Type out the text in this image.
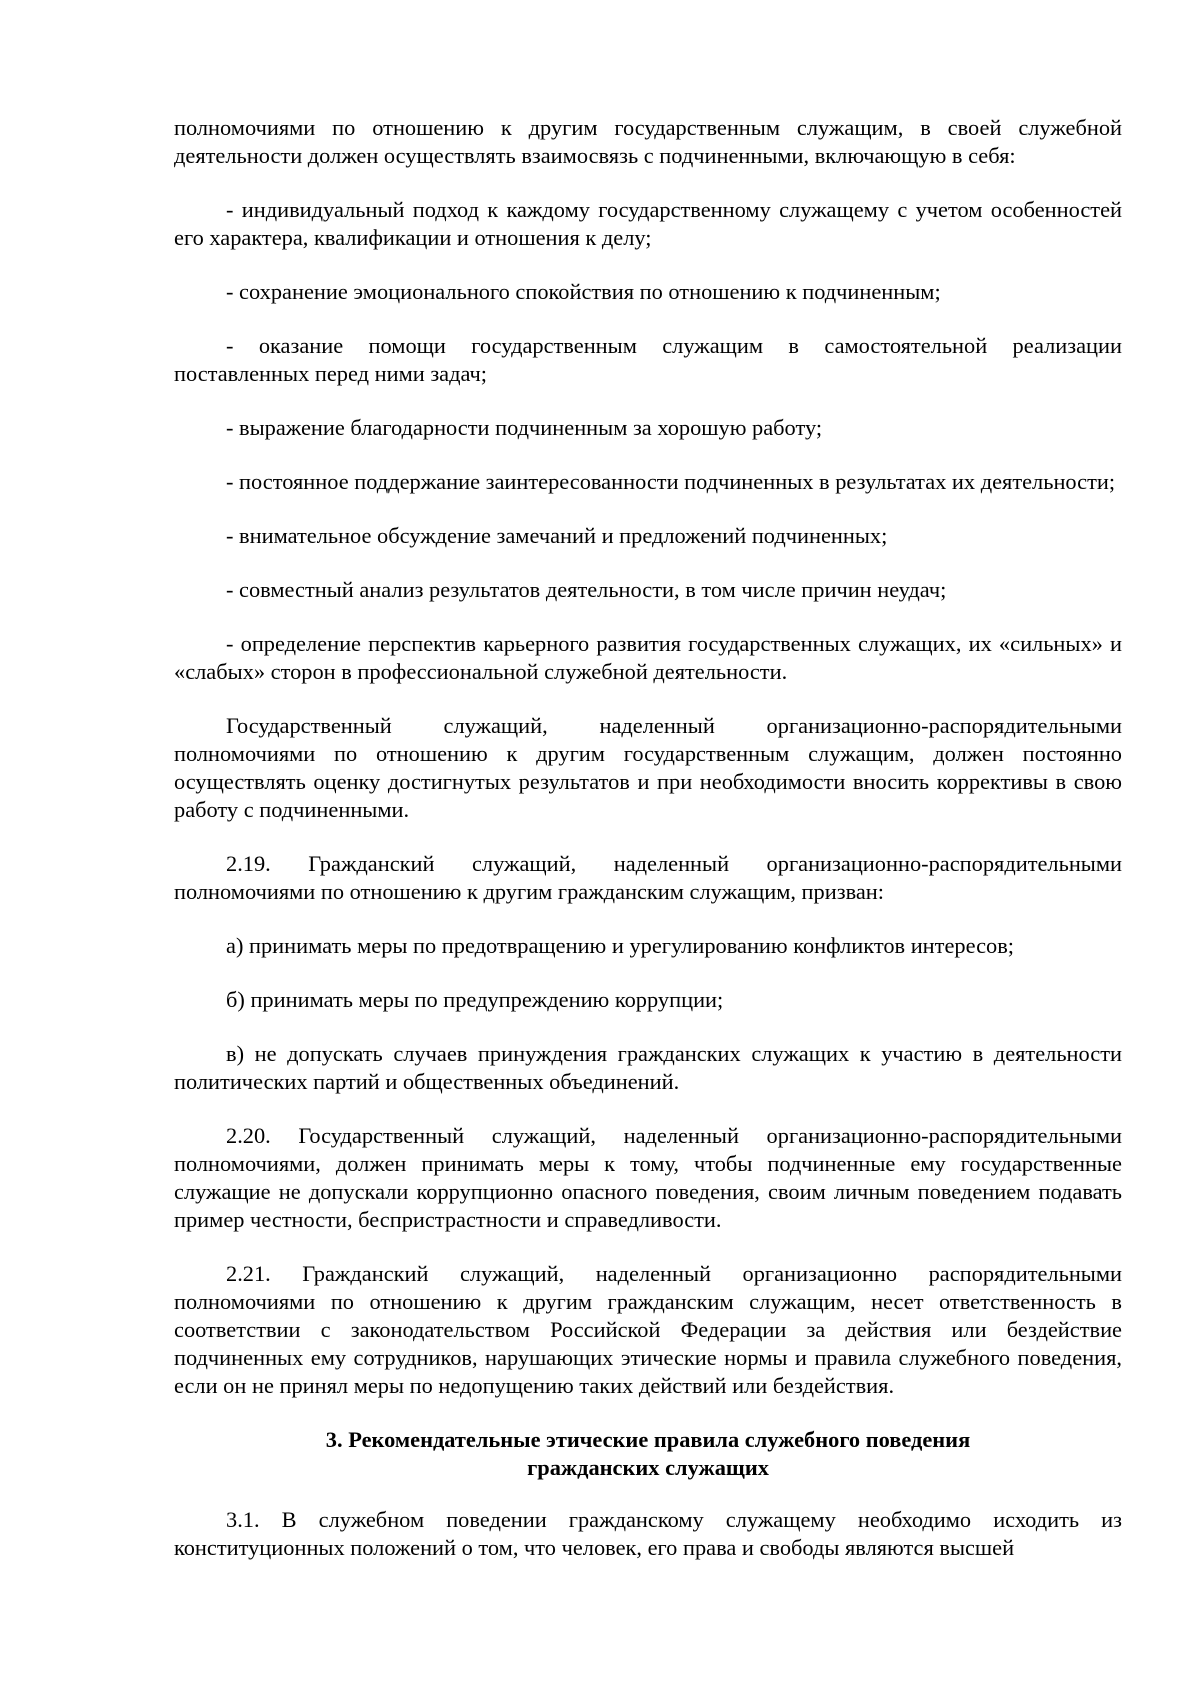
полномочиями по отношению к другим государственным служащим, в своей служебной деятельности должен осуществлять взаимосвязь с подчиненными, включающую в себя:

- индивидуальный подход к каждому государственному служащему с учетом особенностей его характера, квалификации и отношения к делу;

- сохранение эмоционального спокойствия по отношению к подчиненным;

- оказание помощи государственным служащим в самостоятельной реализации поставленных перед ними задач;

- выражение благодарности подчиненным за хорошую работу;

- постоянное поддержание заинтересованности подчиненных в результатах их деятельности;

- внимательное обсуждение замечаний и предложений подчиненных;

- совместный анализ результатов деятельности, в том числе причин неудач;

- определение перспектив карьерного развития государственных служащих, их «сильных» и «слабых» сторон в профессиональной служебной деятельности.

Государственный служащий, наделенный организационно-распорядительными полномочиями по отношению к другим государственным служащим, должен постоянно осуществлять оценку достигнутых результатов и при необходимости вносить коррективы в свою работу с подчиненными.

2.19. Гражданский служащий, наделенный организационно-распорядительными полномочиями по отношению к другим гражданским служащим, призван:

а) принимать меры по предотвращению и урегулированию конфликтов интересов;

б) принимать меры по предупреждению коррупции;

в) не допускать случаев принуждения гражданских служащих к участию в деятельности политических партий и общественных объединений.

2.20. Государственный служащий, наделенный организационно-распорядительными полномочиями, должен принимать меры к тому, чтобы подчиненные ему государственные служащие не допускали коррупционно опасного поведения, своим личным поведением подавать пример честности, беспристрастности и справедливости.

2.21. Гражданский служащий, наделенный организационно распорядительными полномочиями по отношению к другим гражданским служащим, несет ответственность в соответствии с законодательством Российской Федерации за действия или бездействие подчиненных ему сотрудников, нарушающих этические нормы и правила служебного поведения, если он не принял меры по недопущению таких действий или бездействия.

3. Рекомендательные этические правила служебного поведения
гражданских служащих

3.1. В служебном поведении гражданскому служащему необходимо исходить из конституционных положений о том, что человек, его права и свободы являются высшей
